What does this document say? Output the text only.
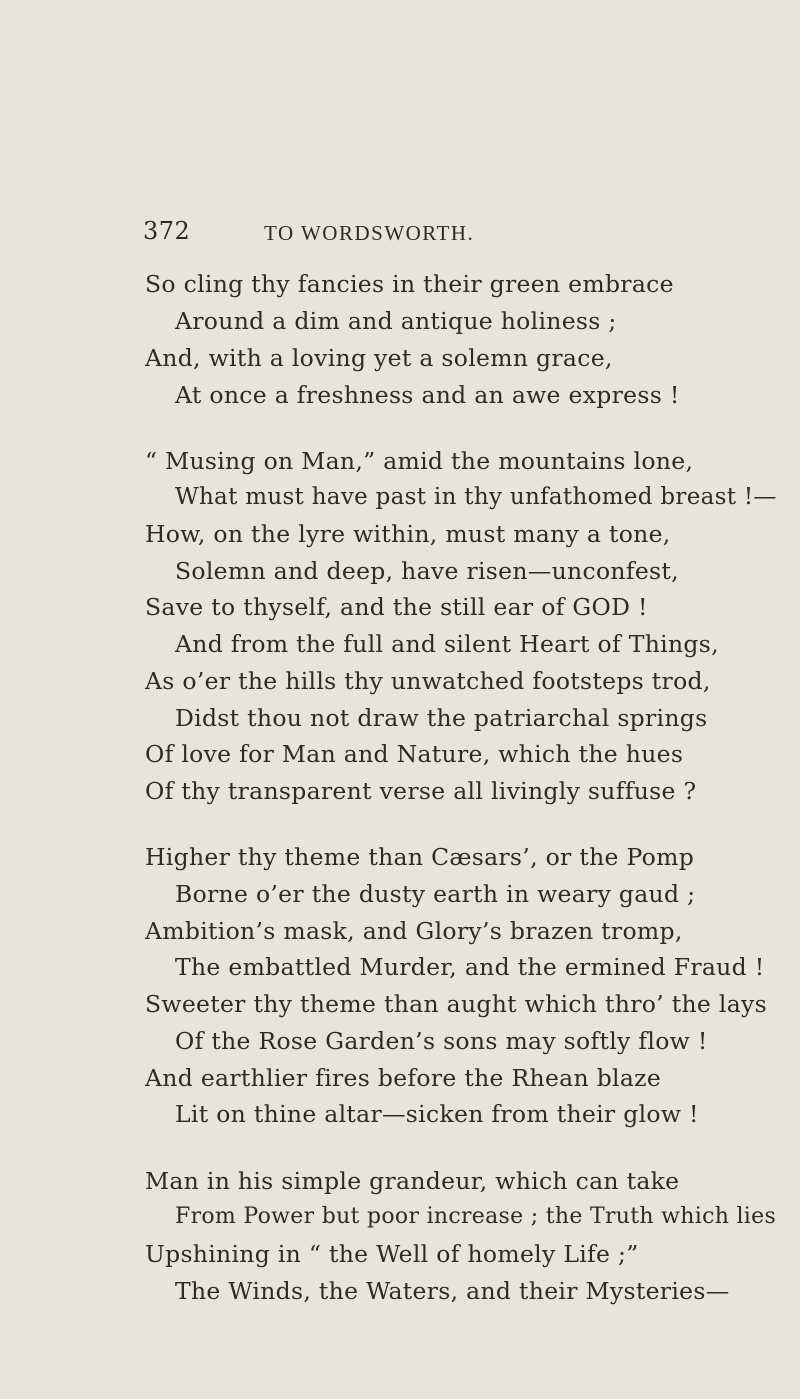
372	TO WORDSWORTH.
So cling thy fancies in their green embrace
Around a dim and antique holiness ;
And, with a loving yet a solemn grace,
At once a freshness and an awe express !
“ Musing on Man,” amid the mountains lone,
What must have past in thy unfathomed breast !—
How, on the lyre within, must many a tone,
Solemn and deep, have risen—unconfest,
Save to thyself, and the still ear of GOD !
And from the full and silent Heart of Things,
As o’er the hills thy unwatched footsteps trod,
Didst thou not draw the patriarchal springs
Of love for Man and Nature, which the hues
Of thy transparent verse all livingly suffuse ?
Higher thy theme than Cæsars’, or the Pomp
Borne o’er the dusty earth in weary gaud ;
Ambition’s mask, and Glory’s brazen tromp,
The embattled Murder, and the ermined Fraud !
Sweeter thy theme than aught which thro’ the lays
Of the Rose Garden’s sons may softly flow !
And earthlier fires before the Rhean blaze
Lit on thine altar—sicken from their glow !
Man in his simple grandeur, which can take
From Power but poor increase ; the Truth which lies
Upshining in “ the Well of homely Life ;”
The Winds, the Waters, and their Mysteries—
